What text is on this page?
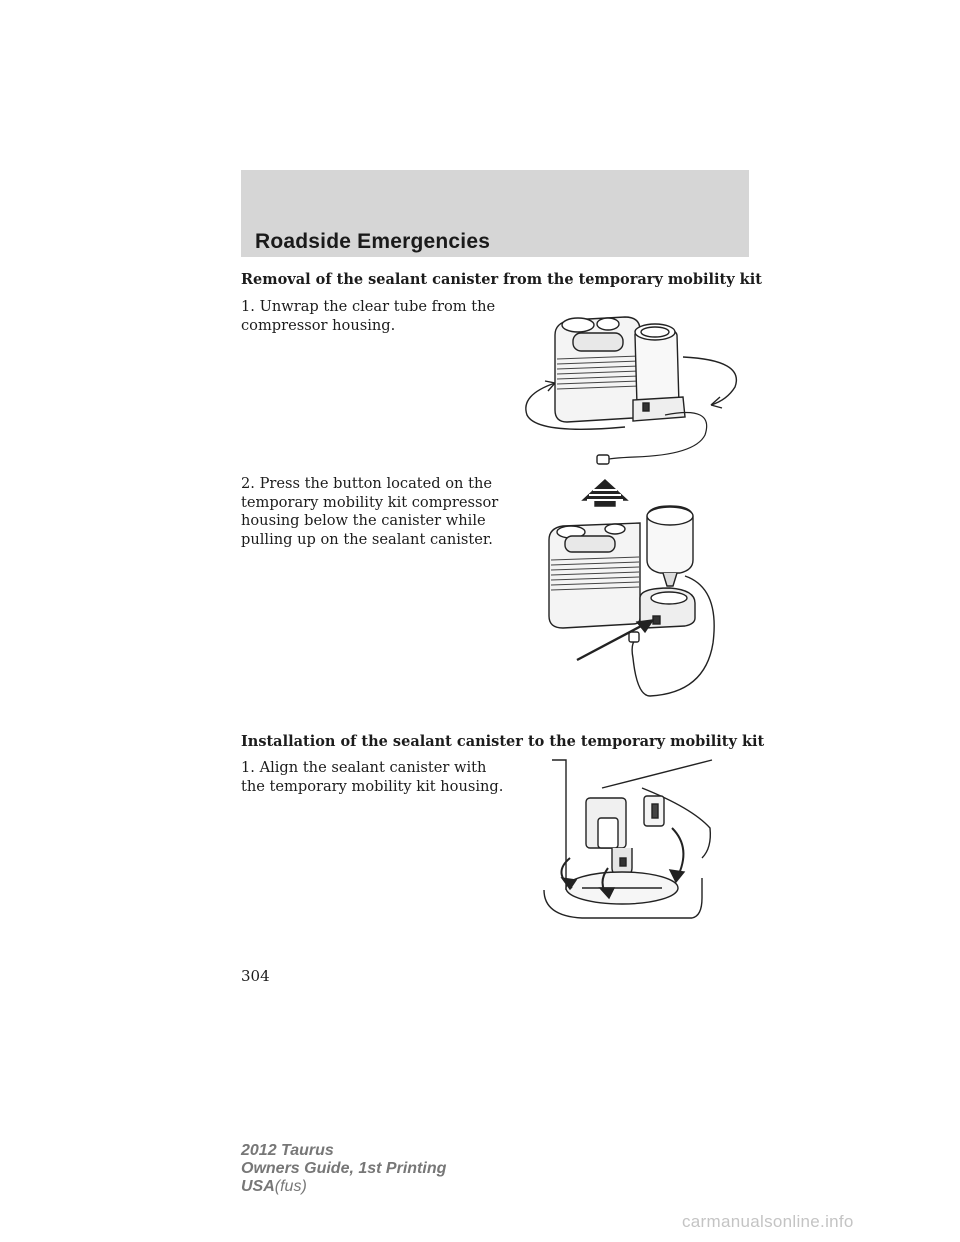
Roadside Emergencies
Removal of the sealant canister from the temporary mobility kit
1. Unwrap the clear tube from the
compressor housing.
2. Press the button located on the
temporary mobility kit compressor
housing below the canister while
pulling up on the sealant canister.
Installation of the sealant canister to the temporary mobility kit
1. Align the sealant canister with
the temporary mobility kit housing.
304
2012 Taurus
Owners Guide, 1st Printing
USA(fus)
carmanualsonline.info
